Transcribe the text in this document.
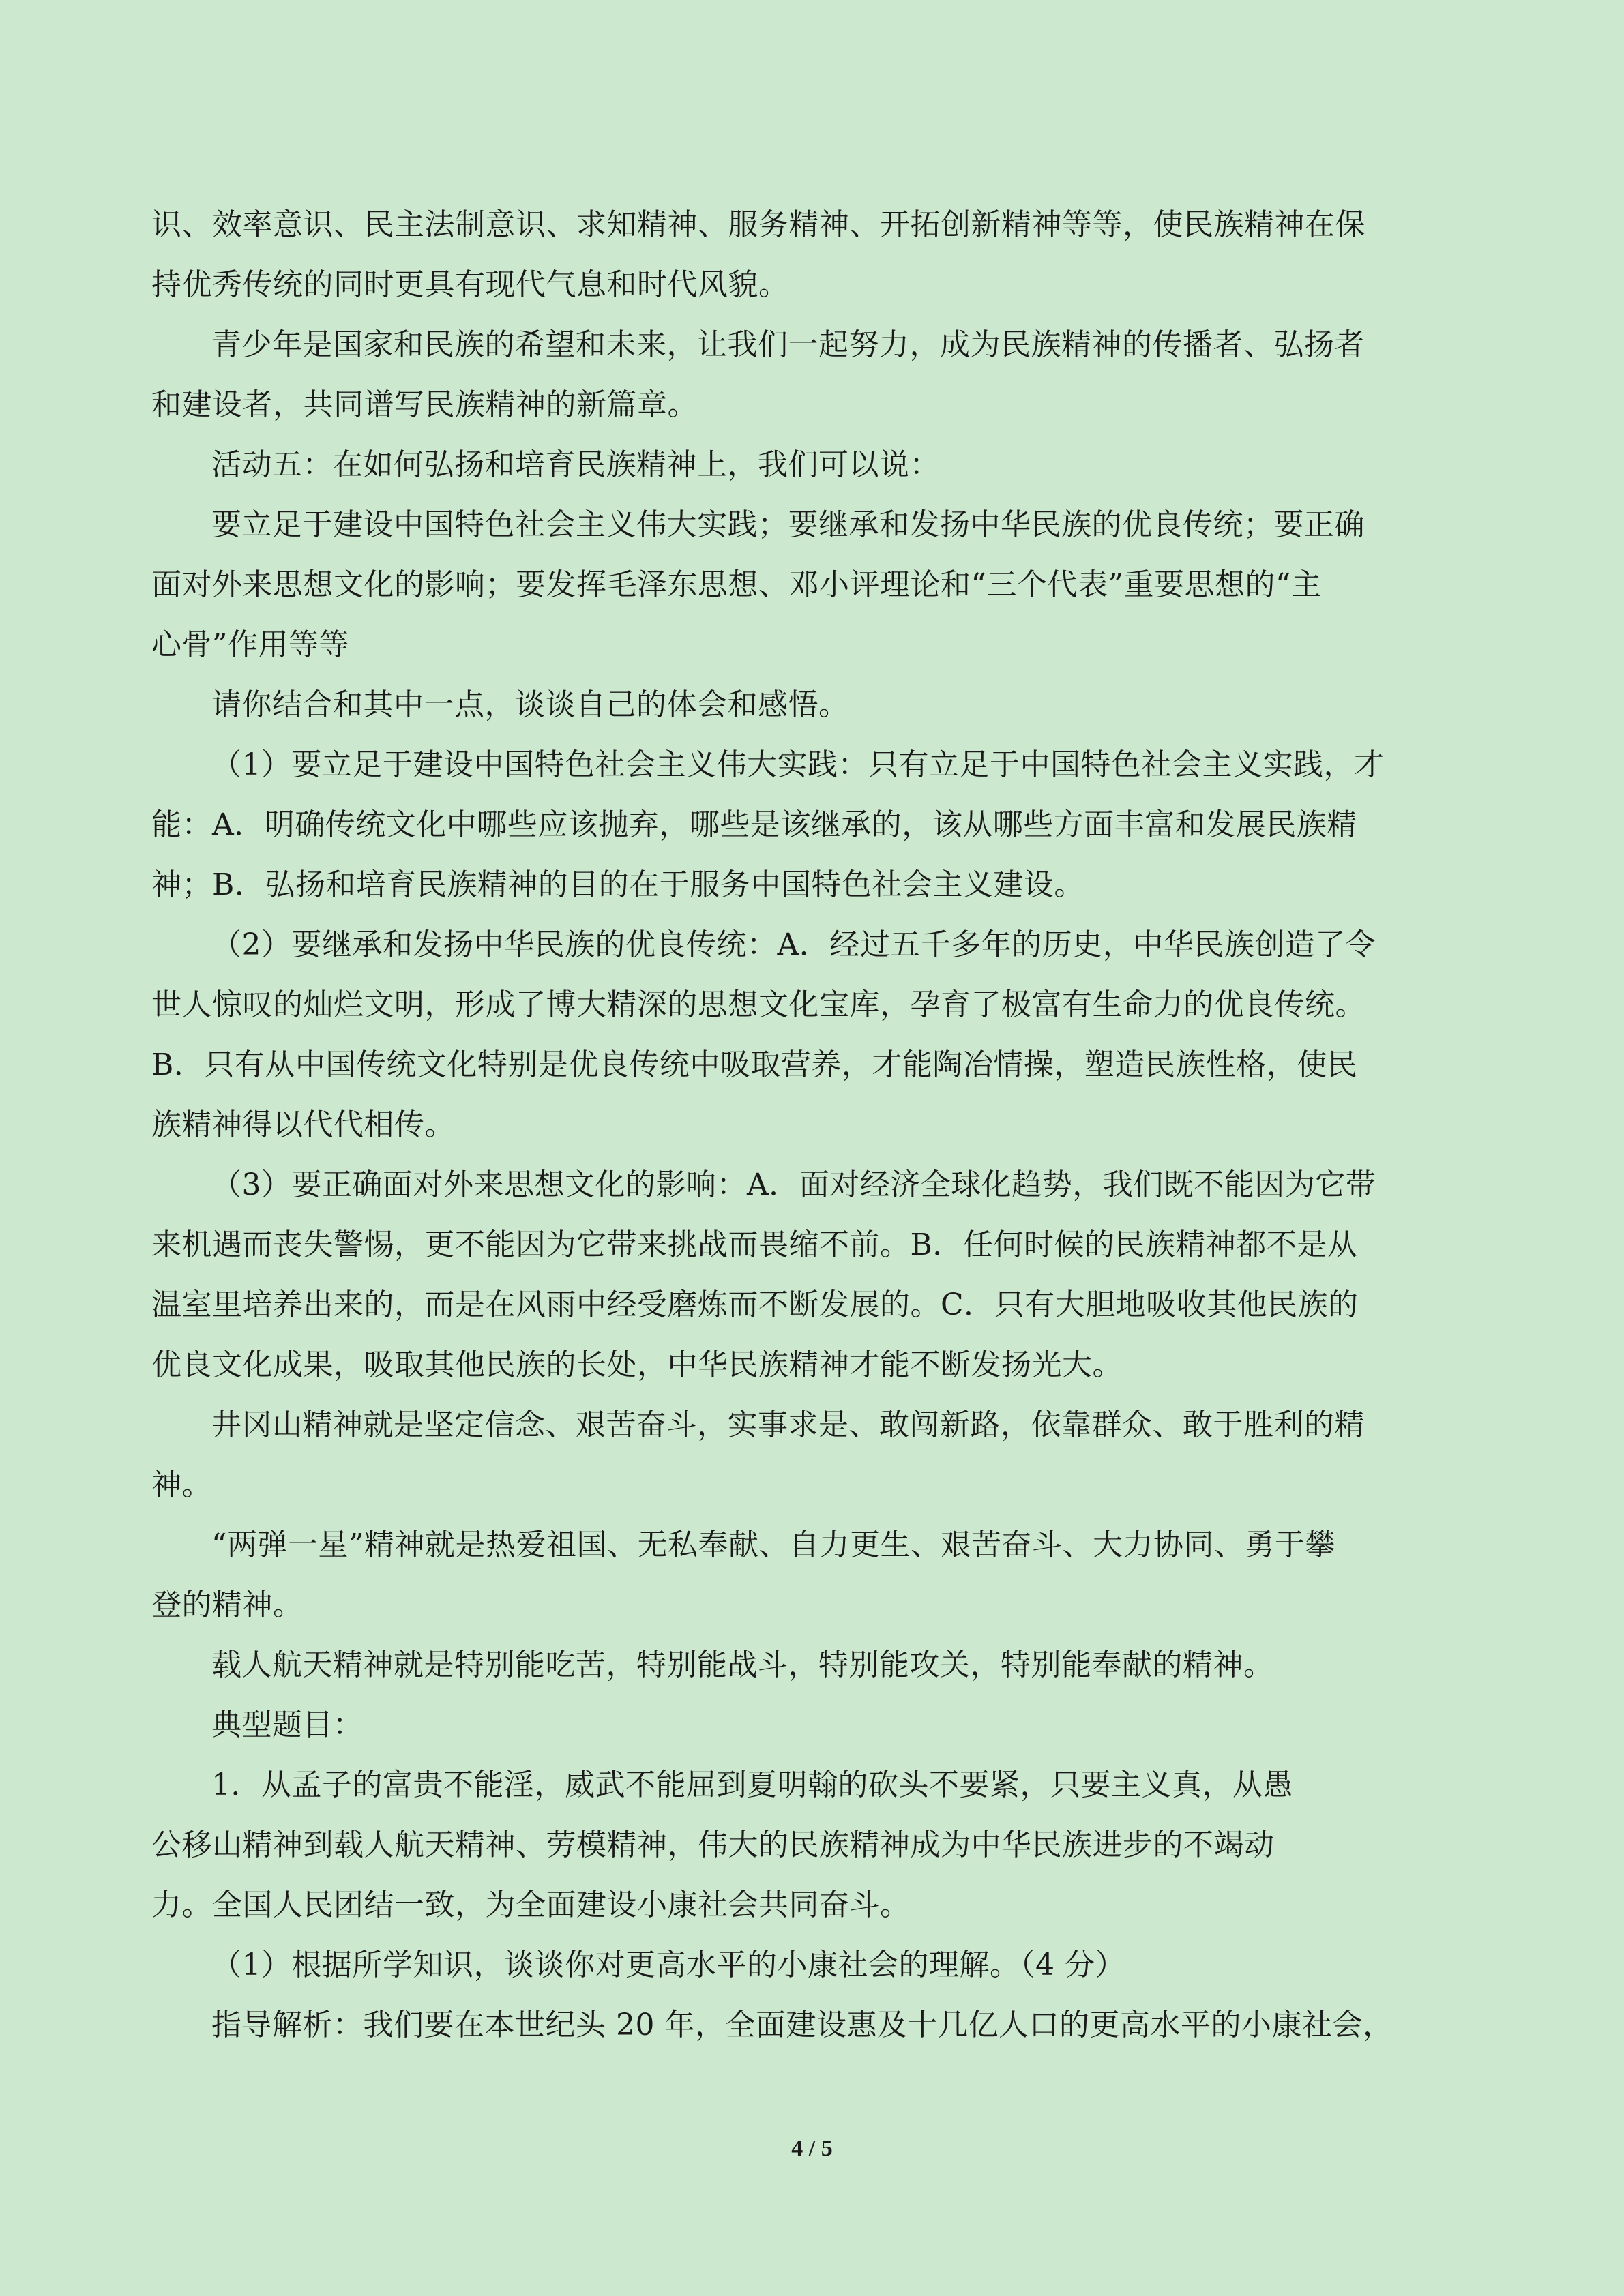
识、效率意识、民主法制意识、求知精神、服务精神、开拓创新精神等等，使民族精神在保
持优秀传统的同时更具有现代气息和时代风貌。
青少年是国家和民族的希望和未来，让我们一起努力，成为民族精神的传播者、弘扬者
和建设者，共同谱写民族精神的新篇章。
活动五：在如何弘扬和培育民族精神上，我们可以说：
要立足于建设中国特色社会主义伟大实践；要继承和发扬中华民族的优良传统；要正确
面对外来思想文化的影响；要发挥毛泽东思想、邓小评理论和“三个代表”重要思想的“主
心骨”作用等等
请你结合和其中一点，谈谈自己的体会和感悟。
（1）要立足于建设中国特色社会主义伟大实践：只有立足于中国特色社会主义实践，才
能：A．明确传统文化中哪些应该抛弃，哪些是该继承的，该从哪些方面丰富和发展民族精
神；B．弘扬和培育民族精神的目的在于服务中国特色社会主义建设。
（2）要继承和发扬中华民族的优良传统：A．经过五千多年的历史，中华民族创造了令
世人惊叹的灿烂文明，形成了博大精深的思想文化宝库，孕育了极富有生命力的优良传统。
B．只有从中国传统文化特别是优良传统中吸取营养，才能陶冶情操，塑造民族性格，使民
族精神得以代代相传。
（3）要正确面对外来思想文化的影响：A．面对经济全球化趋势，我们既不能因为它带
来机遇而丧失警惕，更不能因为它带来挑战而畏缩不前。B．任何时候的民族精神都不是从
温室里培养出来的，而是在风雨中经受磨炼而不断发展的。C．只有大胆地吸收其他民族的
优良文化成果，吸取其他民族的长处，中华民族精神才能不断发扬光大。
井冈山精神就是坚定信念、艰苦奋斗，实事求是、敢闯新路，依靠群众、敢于胜利的精
神。
“两弹一星”精神就是热爱祖国、无私奉献、自力更生、艰苦奋斗、大力协同、勇于攀
登的精神。
载人航天精神就是特别能吃苦，特别能战斗，特别能攻关，特别能奉献的精神。
典型题目：
1．从孟子的富贵不能淫，威武不能屈到夏明翰的砍头不要紧，只要主义真，从愚
公移山精神到载人航天精神、劳模精神，伟大的民族精神成为中华民族进步的不竭动
力。全国人民团结一致，为全面建设小康社会共同奋斗。
（1）根据所学知识，谈谈你对更高水平的小康社会的理解。（4 分）
指导解析：我们要在本世纪头 20 年，全面建设惠及十几亿人口的更高水平的小康社会，
4 / 5
